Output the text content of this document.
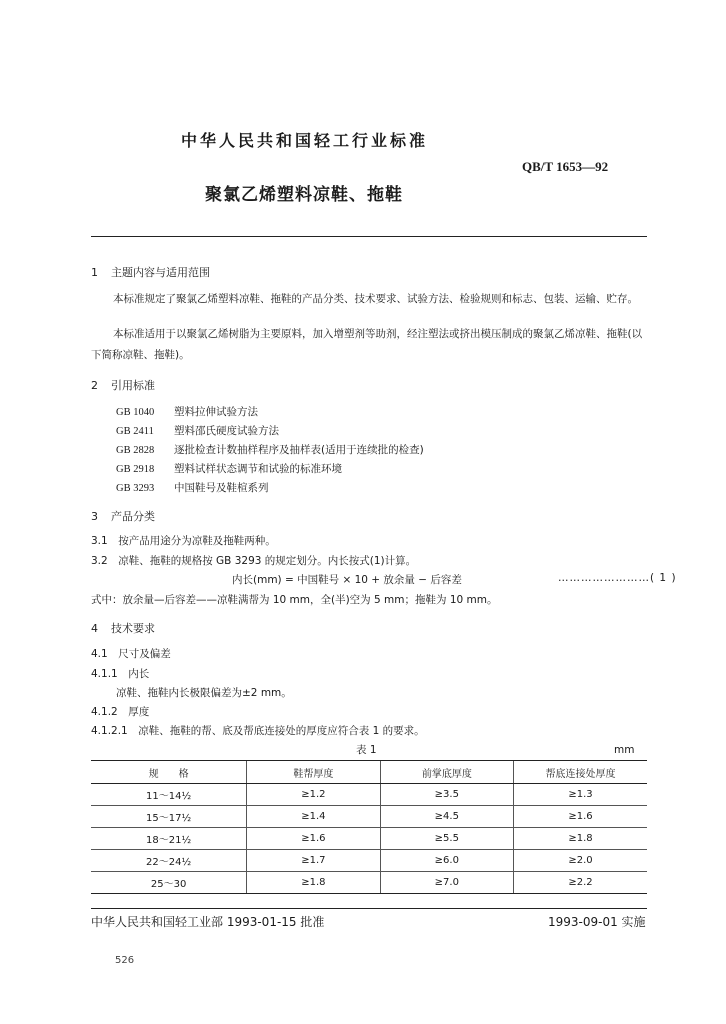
中华人民共和国轻工行业标准
QB/T 1653—92
聚氯乙烯塑料凉鞋、拖鞋
1 主题内容与适用范围
本标准规定了聚氯乙烯塑料凉鞋、拖鞋的产品分类、技术要求、试验方法、检验规则和标志、包装、运输、贮存。
本标准适用于以聚氯乙烯树脂为主要原料，加入增塑剂等助剂，经注塑法或挤出模压制成的聚氯乙烯凉鞋、拖鞋(以下简称凉鞋、拖鞋)。
2 引用标准
GB 1040 塑料拉伸试验方法
GB 2411 塑料邵氏硬度试验方法
GB 2828 逐批检查计数抽样程序及抽样表(适用于连续批的检查)
GB 2918 塑料试样状态调节和试验的标准环境
GB 3293 中国鞋号及鞋楦系列
3 产品分类
3.1　按产品用途分为凉鞋及拖鞋两种。
3.2　凉鞋、拖鞋的规格按 GB 3293 的规定划分。内长按式(1)计算。
内长(mm) = 中国鞋号 × 10 + 放余量 − 后容差	……………………( 1 )
式中：放余量—后容差——凉鞋满帮为 10 mm，全(半)空为 5 mm；拖鞋为 10 mm。
4 技术要求
4.1　尺寸及偏差
4.1.1　内长
凉鞋、拖鞋内长极限偏差为±2 mm。
4.1.2　厚度
4.1.2.1　凉鞋、拖鞋的帮、底及帮底连接处的厚度应符合表 1 的要求。
表 1	mm
规　　格	鞋帮厚度	前掌底厚度	帮底连接处厚度
11～14½	≥1.2	≥3.5	≥1.3
15～17½	≥1.4	≥4.5	≥1.6
18～21½	≥1.6	≥5.5	≥1.8
22～24½	≥1.7	≥6.0	≥2.0
25～30	≥1.8	≥7.0	≥2.2
中华人民共和国轻工业部 1993-01-15 批准	1993-09-01 实施
526
